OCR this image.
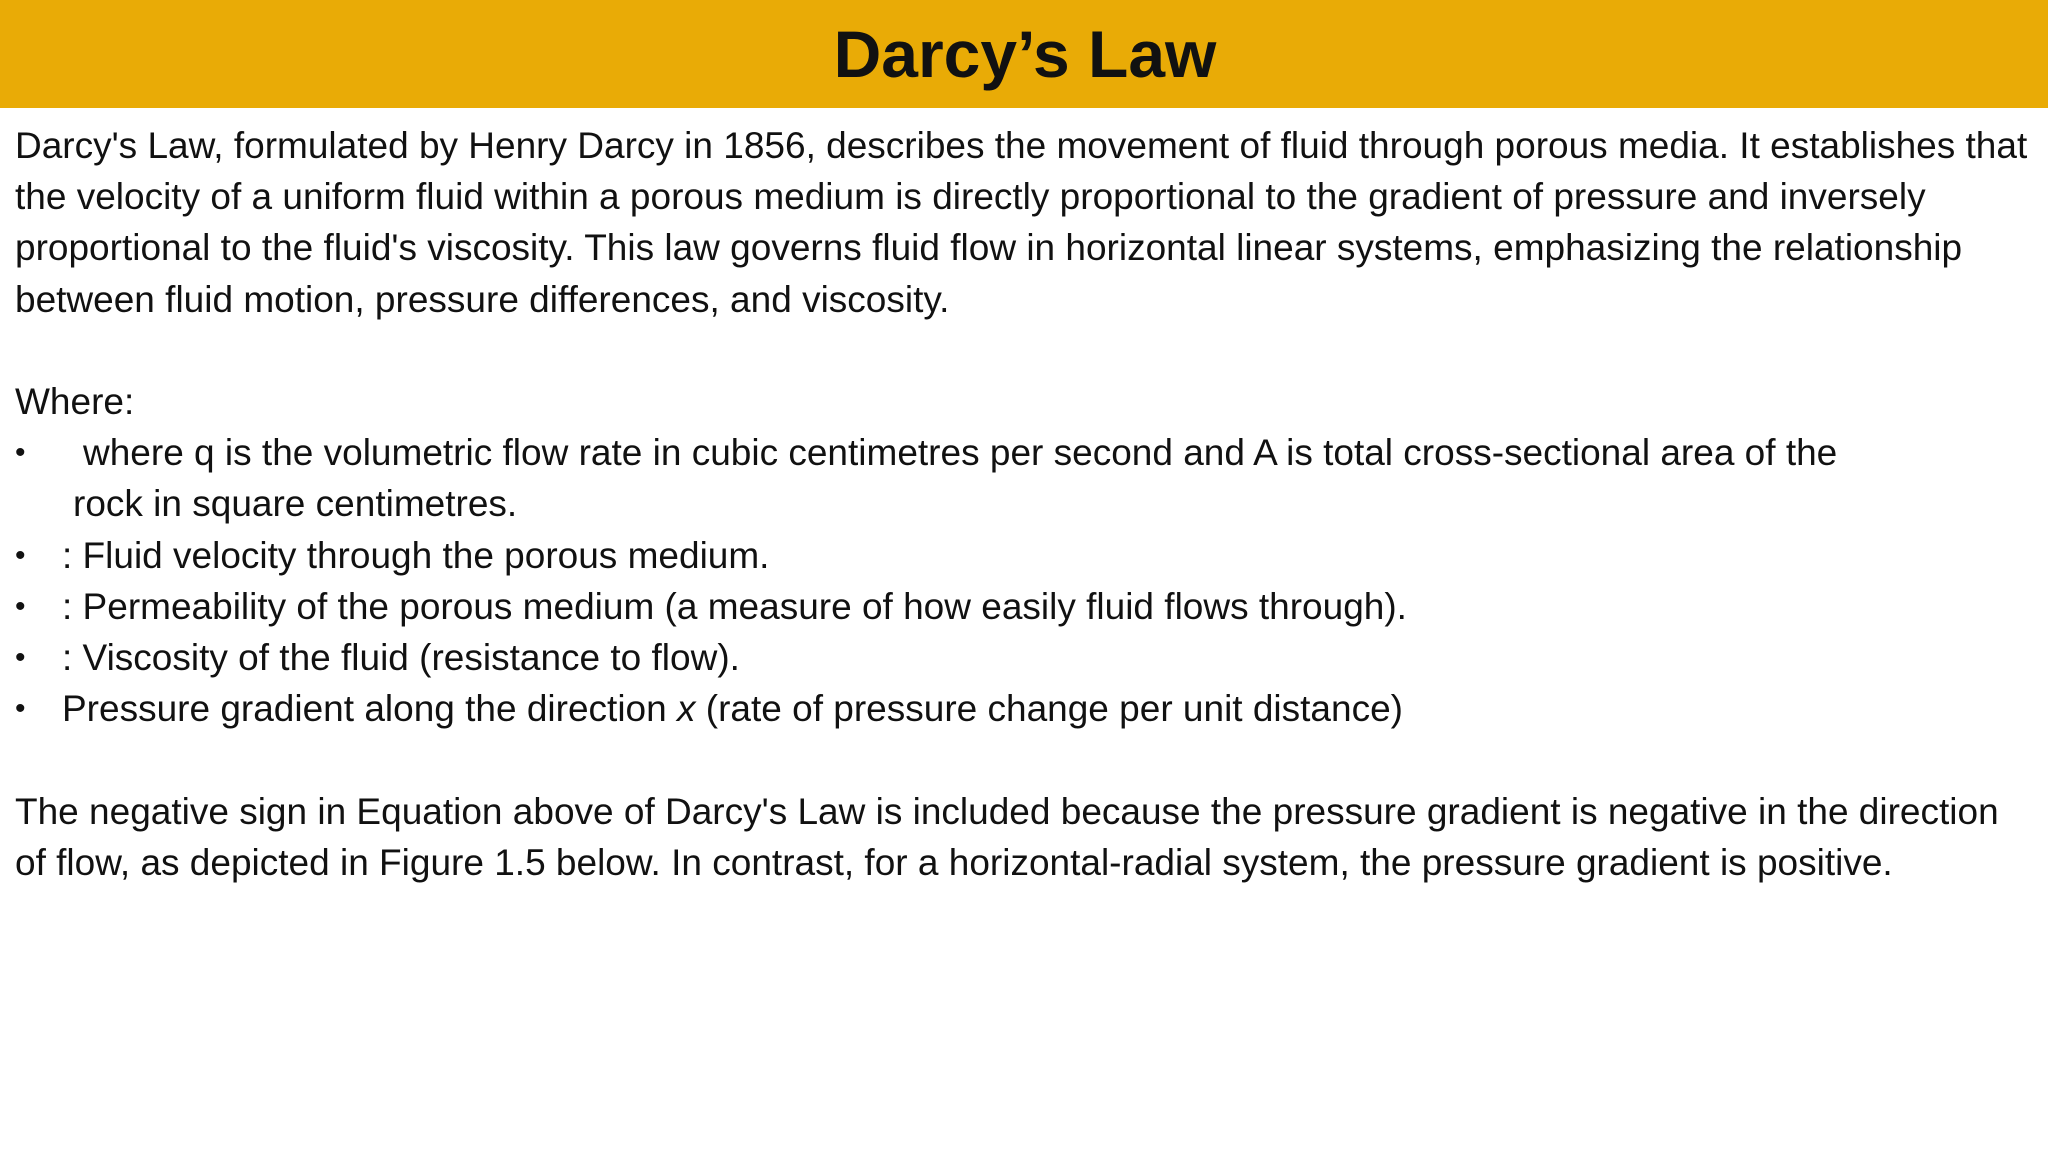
Darcy’s Law

Darcy's Law, formulated by Henry Darcy in 1856, describes the movement of fluid through porous media. It establishes that the velocity of a uniform fluid within a porous medium is directly proportional to the gradient of pressure and inversely proportional to the fluid's viscosity. This law governs fluid flow in horizontal linear systems, emphasizing the relationship between fluid motion, pressure differences, and viscosity.

Where:

•	where q is the volumetric flow rate in cubic centimetres per second and A is total cross-sectional area of the
rock in square centimetres.
• : Fluid velocity through the porous medium.
• : Permeability of the porous medium (a measure of how easily fluid flows through).
• : Viscosity of the fluid (resistance to flow).
• Pressure gradient along the direction x (rate of pressure change per unit distance)

The negative sign in Equation above of Darcy's Law is included because the pressure gradient is negative in the direction of flow, as depicted in Figure 1.5 below. In contrast, for a horizontal-radial system, the pressure gradient is positive.
